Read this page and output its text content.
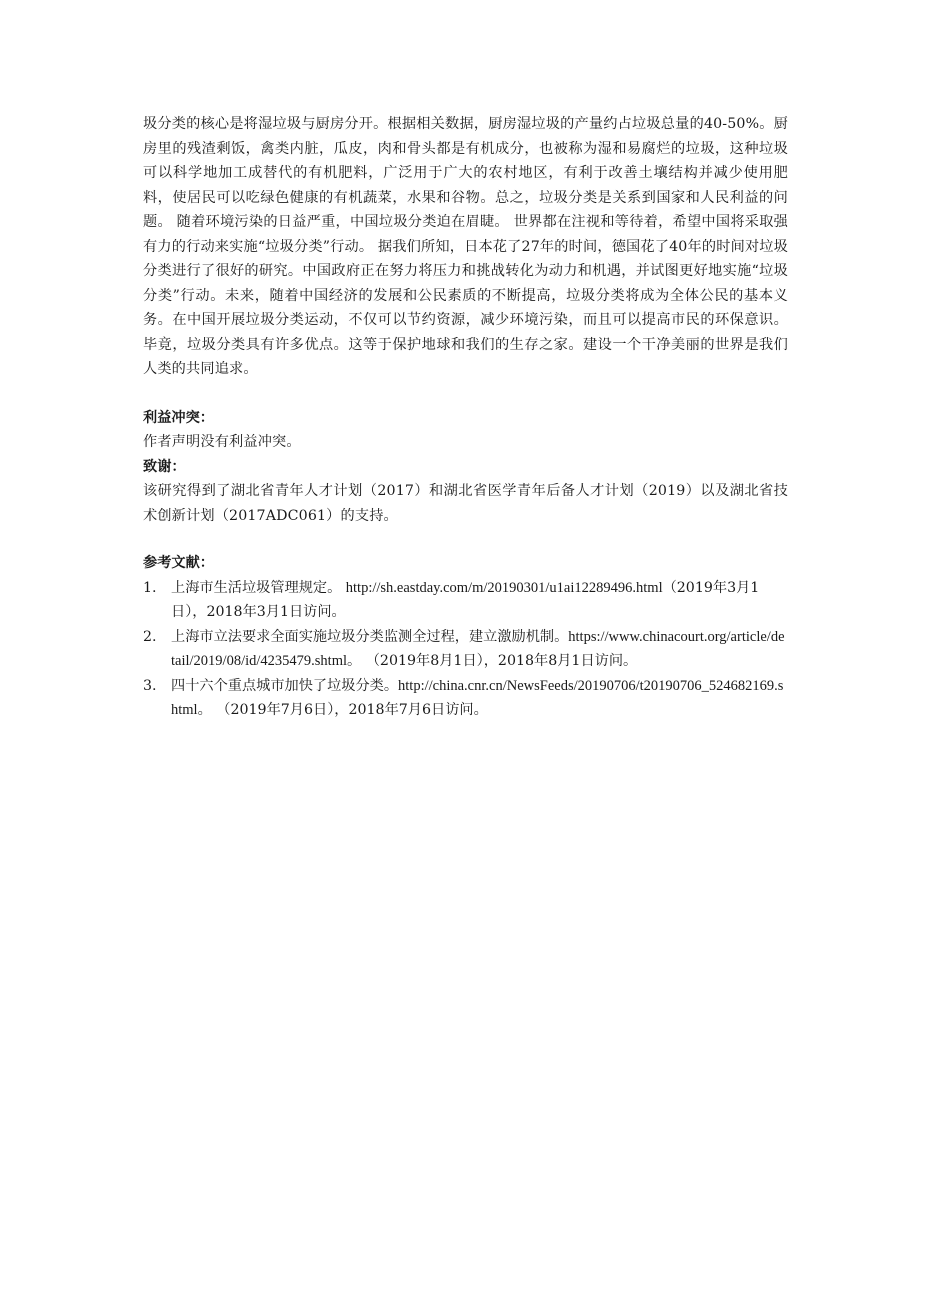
圾分类的核心是将湿垃圾与厨房分开。根据相关数据，厨房湿垃圾的产量约占垃圾总量的40-50%。厨房里的残渣剩饭，禽类内脏，瓜皮，肉和骨头都是有机成分，也被称为湿和易腐烂的垃圾，这种垃圾可以科学地加工成替代的有机肥料，广泛用于广大的农村地区，有利于改善土壤结构并减少使用肥料，使居民可以吃绿色健康的有机蔬菜，水果和谷物。总之，垃圾分类是关系到国家和人民利益的问题。 随着环境污染的日益严重，中国垃圾分类迫在眉睫。 世界都在注视和等待着，希望中国将采取强有力的行动来实施“垃圾分类”行动。 据我们所知，日本花了27年的时间，德国花了40年的时间对垃圾分类进行了很好的研究。中国政府正在努力将压力和挑战转化为动力和机遇，并试图更好地实施“垃圾分类”行动。未来，随着中国经济的发展和公民素质的不断提高，垃圾分类将成为全体公民的基本义务。在中国开展垃圾分类运动，不仅可以节约资源，减少环境污染，而且可以提高市民的环保意识。毕竟，垃圾分类具有许多优点。这等于保护地球和我们的生存之家。建设一个干净美丽的世界是我们人类的共同追求。

利益冲突：

作者声明没有利益冲突。

致谢：

该研究得到了湖北省青年人才计划（2017）和湖北省医学青年后备人才计划（2019）以及湖北省技术创新计划（2017ADC061）的支持。

参考文献：

1. 上海市生活垃圾管理规定。 http://sh.eastday.com/m/20190301/u1ai12289496.html（2019年3月1日），2018年3月1日访问。
2. 上海市立法要求全面实施垃圾分类监测全过程，建立激励机制。https://www.chinacourt.org/article/detail/2019/08/id/4235479.shtml。 （2019年8月1日），2018年8月1日访问。
3. 四十六个重点城市加快了垃圾分类。http://china.cnr.cn/NewsFeeds/20190706/t20190706_524682169.shtml。 （2019年7月6日），2018年7月6日访问。
